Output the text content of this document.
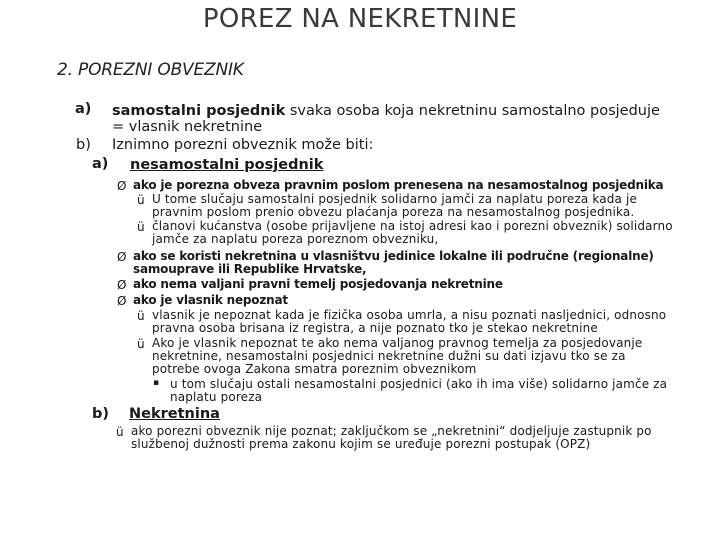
POREZ NA NEKRETNINE
2. POREZNI OBVEZNIK
a) samostalni posjednik svaka osoba koja nekretninu samostalno posjeduje
= vlasnik nekretnine
b) Iznimno porezni obveznik može biti:
a) nesamostalni posjednik
Ø ako je porezna obveza pravnim poslom prenesena na nesamostalnog posjednika
ü U tome slučaju samostalni posjednik solidarno jamči za naplatu poreza kada je
pravnim poslom prenio obvezu plaćanja poreza na nesamostalnog posjednika.
ü članovi kućanstva (osobe prijavljene na istoj adresi kao i porezni obveznik) solidarno
jamče za naplatu poreza poreznom obvezniku,
Ø ako se koristi nekretnina u vlasništvu jedinice lokalne ili područne (regionalne)
samouprave ili Republike Hrvatske,
Ø ako nema valjani pravni temelj posjedovanja nekretnine
Ø ako je vlasnik nepoznat
ü vlasnik je nepoznat kada je fizička osoba umrla, a nisu poznati nasljednici, odnosno
pravna osoba brisana iz registra, a nije poznato tko je stekao nekretnine
ü Ako je vlasnik nepoznat te ako nema valjanog pravnog temelja za posjedovanje
nekretnine, nesamostalni posjednici nekretnine dužni su dati izjavu tko se za
potrebe ovoga Zakona smatra poreznim obveznikom
▪ u tom slučaju ostali nesamostalni posjednici (ako ih ima više) solidarno jamče za
naplatu poreza
b) Nekretnina
ü ako porezni obveznik nije poznat; zaključkom se „nekretnini“ dodjeljuje zastupnik po
službenoj dužnosti prema zakonu kojim se uređuje porezni postupak (OPZ)
